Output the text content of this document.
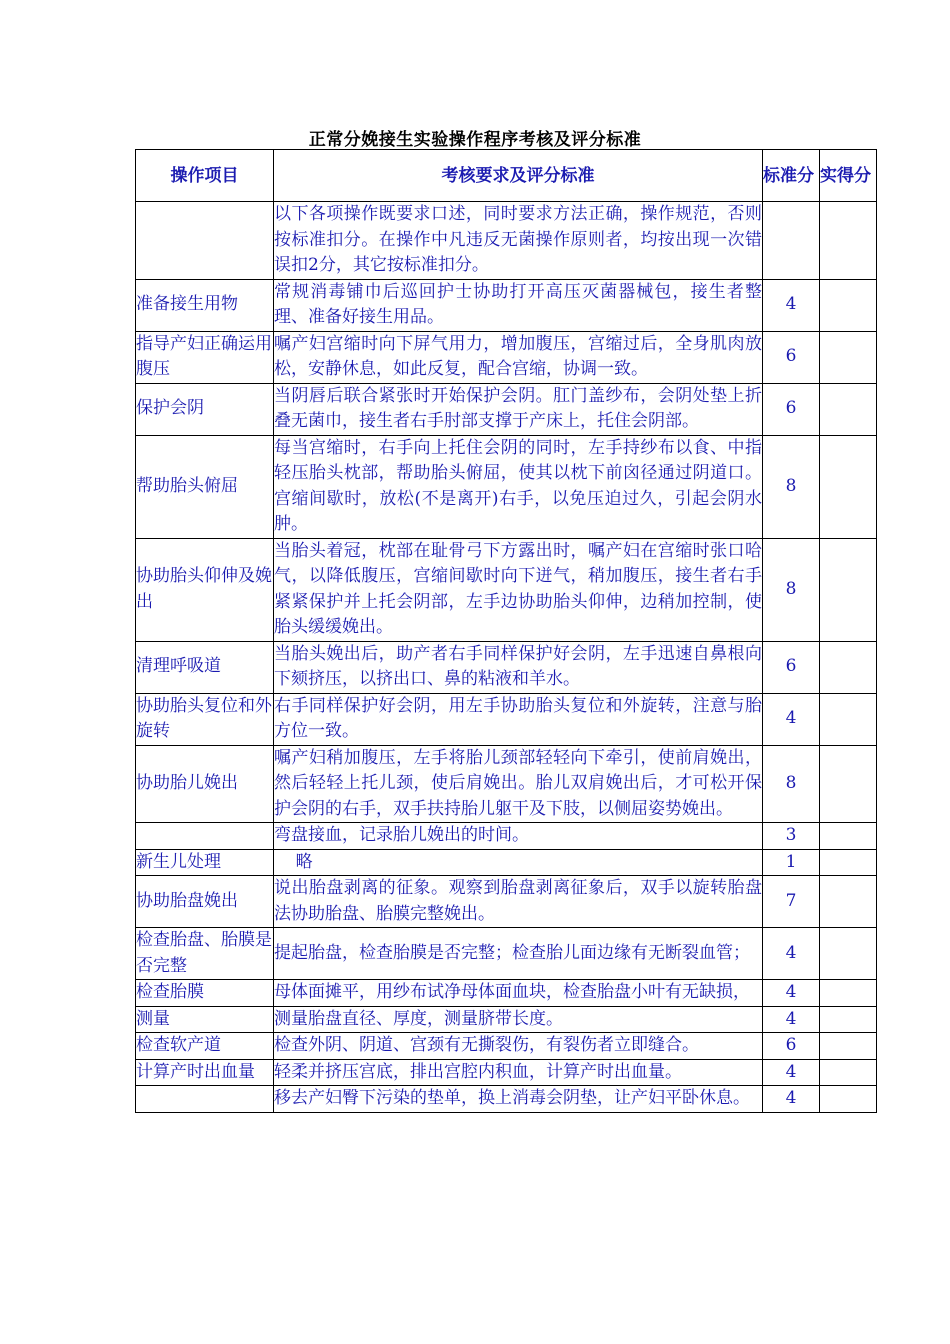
正常分娩接生实验操作程序考核及评分标准
操作项目	考核要求及评分标准	标准分	实得分
	以下各项操作既要求口述，同时要求方法正确，操作规范，否则按标准扣分。在操作中凡违反无菌操作原则者，均按出现一次错误扣2分，其它按标准扣分。		
准备接生用物	常规消毒铺巾后巡回护士协助打开高压灭菌器械包，接生者整理、准备好接生用品。	4	
指导产妇正确运用腹压	嘱产妇宫缩时向下屏气用力，增加腹压，宫缩过后，全身肌肉放松，安静休息，如此反复，配合宫缩，协调一致。	6	
保护会阴	当阴唇后联合紧张时开始保护会阴。肛门盖纱布，会阴处垫上折叠无菌巾，接生者右手肘部支撑于产床上，托住会阴部。	6	
帮助胎头俯屈	每当宫缩时，右手向上托住会阴的同时，左手持纱布以食、中指轻压胎头枕部，帮助胎头俯屈，使其以枕下前囟径通过阴道口。宫缩间歇时，放松(不是离开)右手，以免压迫过久，引起会阴水肿。	8	
协助胎头仰伸及娩出	当胎头着冠，枕部在耻骨弓下方露出时，嘱产妇在宫缩时张口哈气，以降低腹压，宫缩间歇时向下迸气，稍加腹压，接生者右手紧紧保护并上托会阴部，左手边协助胎头仰伸，边稍加控制，使胎头缓缓娩出。	8	
清理呼吸道	当胎头娩出后，助产者右手同样保护好会阴，左手迅速自鼻根向下颏挤压，以挤出口、鼻的粘液和羊水。	6	
协助胎头复位和外旋转	右手同样保护好会阴，用左手协助胎头复位和外旋转，注意与胎方位一致。	4	
协助胎儿娩出	嘱产妇稍加腹压，左手将胎儿颈部轻轻向下牵引，使前肩娩出，然后轻轻上托儿颈，使后肩娩出。胎儿双肩娩出后，才可松开保护会阴的右手，双手扶持胎儿躯干及下肢，以侧屈姿势娩出。	8	
	弯盘接血，记录胎儿娩出的时间。	3	
新生儿处理	略	1	
协助胎盘娩出	说出胎盘剥离的征象。观察到胎盘剥离征象后，双手以旋转胎盘法协助胎盘、胎膜完整娩出。	7	
检查胎盘、胎膜是否完整	提起胎盘，检查胎膜是否完整；检查胎儿面边缘有无断裂血管；	4	
检查胎膜	母体面摊平，用纱布试净母体面血块，检查胎盘小叶有无缺损，	4	
测量	测量胎盘直径、厚度，测量脐带长度。	4	
检查软产道	检查外阴、阴道、宫颈有无撕裂伤，有裂伤者立即缝合。	6	
计算产时出血量	轻柔并挤压宫底，排出宫腔内积血，计算产时出血量。	4	
	移去产妇臀下污染的垫单，换上消毒会阴垫，让产妇平卧休息。	4	
